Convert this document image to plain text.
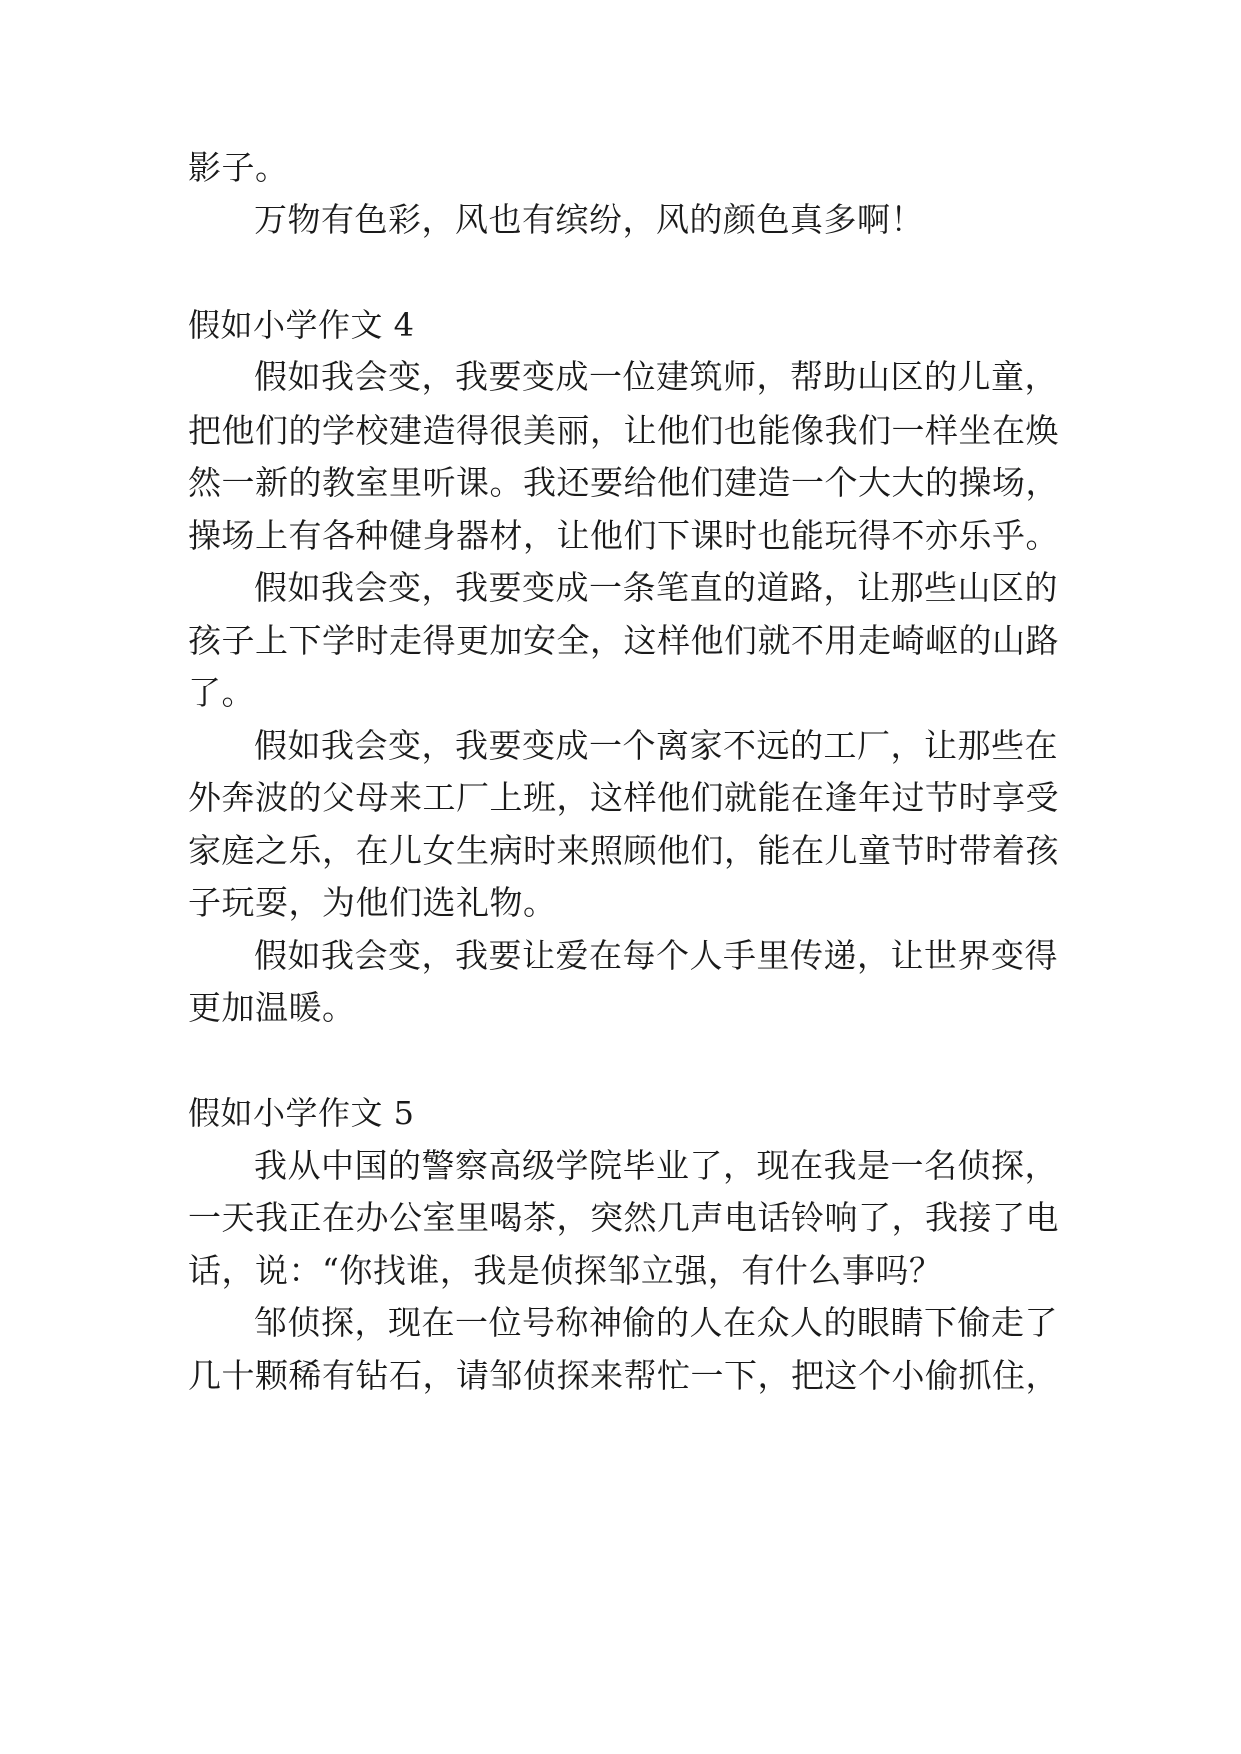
影子。
万物有色彩，风也有缤纷，风的颜色真多啊！
假如小学作文 4
假如我会变，我要变成一位建筑师，帮助山区的儿童，
把他们的学校建造得很美丽，让他们也能像我们一样坐在焕
然一新的教室里听课。我还要给他们建造一个大大的操场，
操场上有各种健身器材，让他们下课时也能玩得不亦乐乎。
假如我会变，我要变成一条笔直的道路，让那些山区的
孩子上下学时走得更加安全，这样他们就不用走崎岖的山路
了。
假如我会变，我要变成一个离家不远的工厂，让那些在
外奔波的父母来工厂上班，这样他们就能在逢年过节时享受
家庭之乐，在儿女生病时来照顾他们，能在儿童节时带着孩
子玩耍，为他们选礼物。
假如我会变，我要让爱在每个人手里传递，让世界变得
更加温暖。
假如小学作文 5
我从中国的警察高级学院毕业了，现在我是一名侦探，
一天我正在办公室里喝茶，突然几声电话铃响了，我接了电
话，说：“你找谁，我是侦探邹立强，有什么事吗？
邹侦探，现在一位号称神偷的人在众人的眼睛下偷走了
几十颗稀有钻石，请邹侦探来帮忙一下，把这个小偷抓住，
